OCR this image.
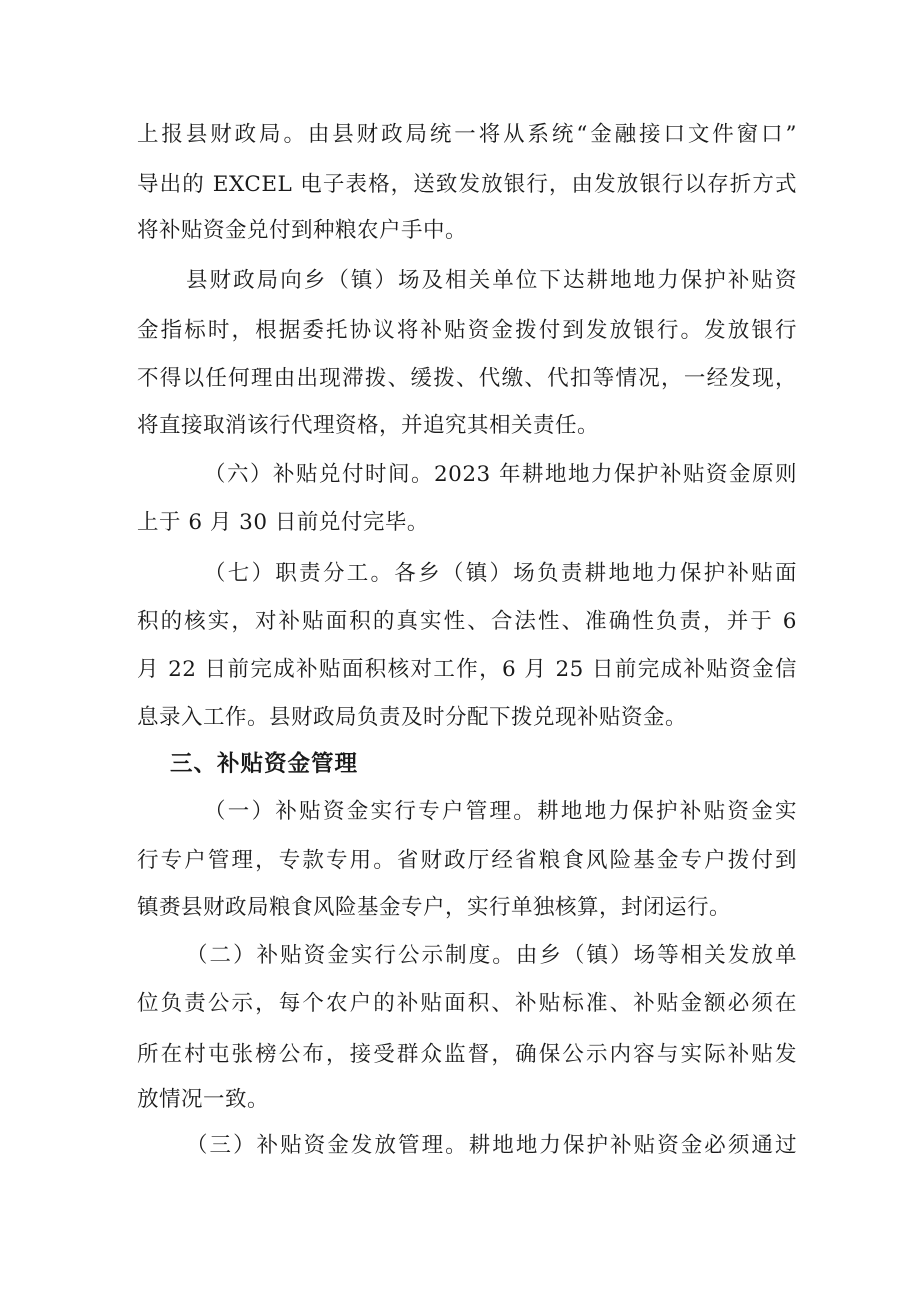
上报县财政局。由县财政局统一将从系统“金融接口文件窗口”
导出的 EXCEL 电子表格，送致发放银行，由发放银行以存折方式
将补贴资金兑付到种粮农户手中。
县财政局向乡（镇）场及相关单位下达耕地地力保护补贴资
金指标时，根据委托协议将补贴资金拨付到发放银行。发放银行
不得以任何理由出现滞拨、缓拨、代缴、代扣等情况，一经发现，
将直接取消该行代理资格，并追究其相关责任。
（六）补贴兑付时间。2023 年耕地地力保护补贴资金原则
上于 6 月 30 日前兑付完毕。
（七）职责分工。各乡（镇）场负责耕地地力保护补贴面
积的核实，对补贴面积的真实性、合法性、准确性负责，并于 6
月 22 日前完成补贴面积核对工作，6 月 25 日前完成补贴资金信
息录入工作。县财政局负责及时分配下拨兑现补贴资金。
三、补贴资金管理
（一）补贴资金实行专户管理。耕地地力保护补贴资金实
行专户管理，专款专用。省财政厅经省粮食风险基金专户拨付到
镇赉县财政局粮食风险基金专户，实行单独核算，封闭运行。
（二）补贴资金实行公示制度。由乡（镇）场等相关发放单
位负责公示，每个农户的补贴面积、补贴标准、补贴金额必须在
所在村屯张榜公布，接受群众监督，确保公示内容与实际补贴发
放情况一致。
（三）补贴资金发放管理。耕地地力保护补贴资金必须通过
